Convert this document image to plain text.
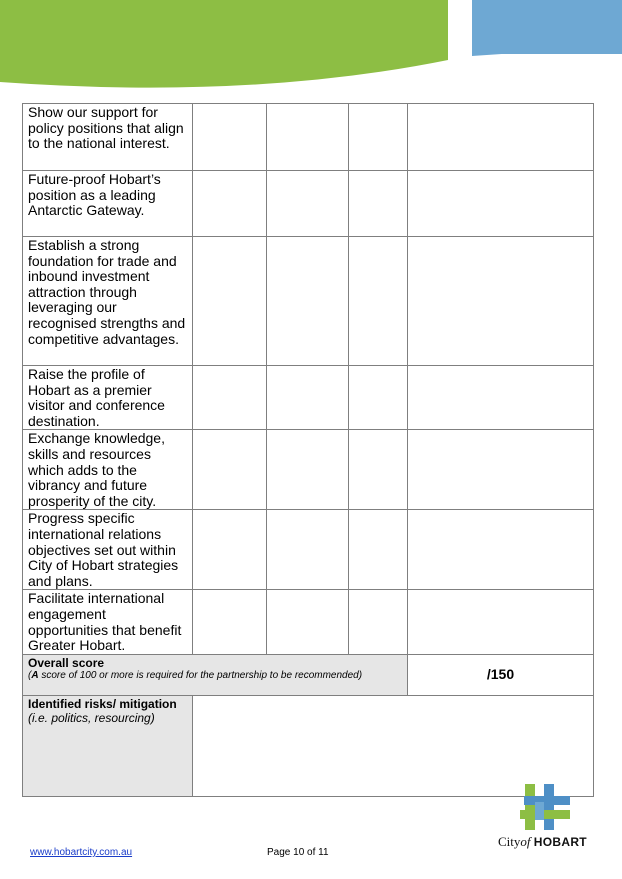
Show our support for policy positions that align to the national interest.				
Future-proof Hobart’s position as a leading Antarctic Gateway.				
Establish a strong foundation for trade and inbound investment attraction through leveraging our recognised strengths and competitive advantages.				
Raise the profile of Hobart as a premier visitor and conference destination.				
Exchange knowledge, skills and resources which adds to the vibrancy and future prosperity of the city.				
Progress specific international relations objectives set out within City of Hobart strategies and plans.				
Facilitate international engagement opportunities that benefit Greater Hobart.				

Overall score
(A score of 100 or more is required for the partnership to be recommended)				/150

Identified risks/ mitigation
(i.e. politics, resourcing)				

Cityof HOBART
www.hobartcity.com.au	Page 10 of 11
